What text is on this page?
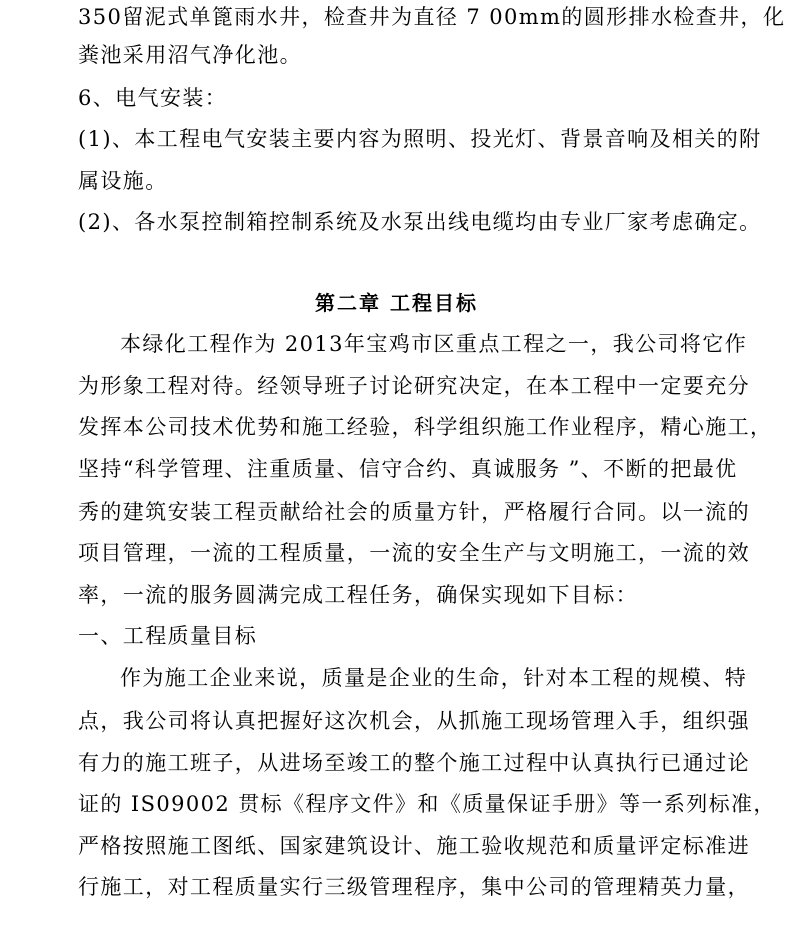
350留泥式单篦雨水井，检查井为直径 7 00mm的圆形排水检查井，化
粪池采用沼气净化池。
6、电气安装：
(1)、本工程电气安装主要内容为照明、投光灯、背景音响及相关的附
属设施。
(2)、各水泵控制箱控制系统及水泵出线电缆均由专业厂家考虑确定。
第二章 工程目标
本绿化工程作为 2013年宝鸡市区重点工程之一，我公司将它作
为形象工程对待。经领导班子讨论研究决定，在本工程中一定要充分
发挥本公司技术优势和施工经验，科学组织施工作业程序，精心施工，
坚持“科学管理、注重质量、信守合约、真诚服务 ”、不断的把最优
秀的建筑安装工程贡献给社会的质量方针，严格履行合同。以一流的
项目管理，一流的工程质量，一流的安全生产与文明施工，一流的效
率，一流的服务圆满完成工程任务，确保实现如下目标：
一、工程质量目标
作为施工企业来说，质量是企业的生命，针对本工程的规模、特
点，我公司将认真把握好这次机会，从抓施工现场管理入手，组织强
有力的施工班子，从进场至竣工的整个施工过程中认真执行已通过论
证的 IS09002 贯标《程序文件》和《质量保证手册》等一系列标准，
严格按照施工图纸、国家建筑设计、施工验收规范和质量评定标准进
行施工，对工程质量实行三级管理程序，集中公司的管理精英力量，
